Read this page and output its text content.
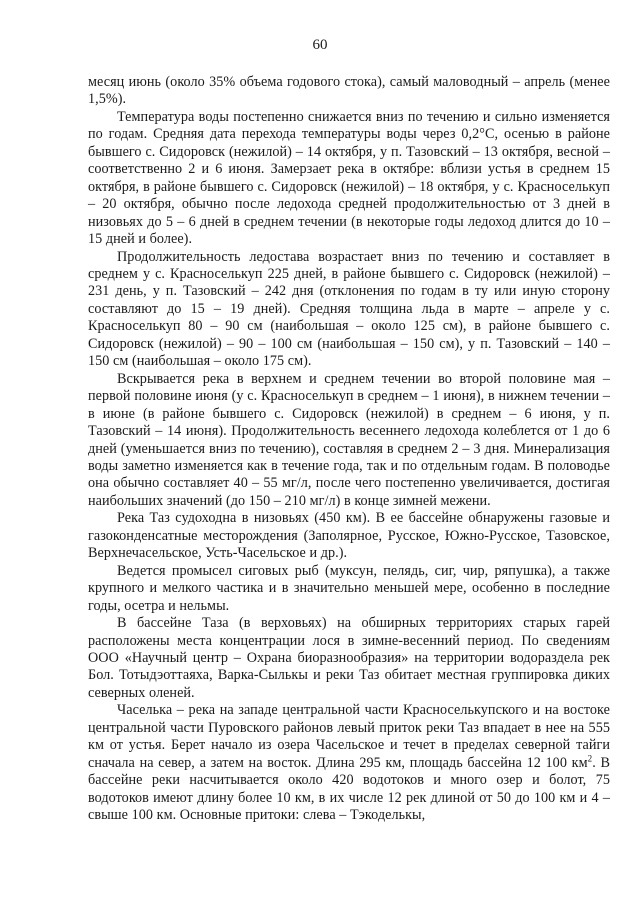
60

месяц июнь (около 35% объема годового стока), самый маловодный – апрель (менее 1,5%).

Температура воды постепенно снижается вниз по течению и сильно изменяется по годам. Средняя дата перехода температуры воды через 0,2°С, осенью в районе бывшего с. Сидоровск (нежилой) – 14 октября, у п. Тазовский – 13 октября, весной – соответственно 2 и 6 июня. Замерзает река в октябре: вблизи устья в среднем 15 октября, в районе бывшего с. Сидоровск (нежилой) – 18 октября, у с. Красноселькуп – 20 октября, обычно после ледохода средней продолжительностью от 3 дней в низовьях до 5 – 6 дней в среднем течении (в некоторые годы ледоход длится до 10 – 15 дней и более).

Продолжительность ледостава возрастает вниз по течению и составляет в среднем у с. Красноселькуп 225 дней, в районе бывшего с. Сидоровск (нежилой) – 231 день, у п. Тазовский – 242 дня (отклонения по годам в ту или иную сторону составляют до 15 – 19 дней). Средняя толщина льда в марте – апреле у с. Красноселькуп 80 – 90 см (наибольшая – около 125 см), в районе бывшего с. Сидоровск (нежилой) – 90 – 100 см (наибольшая – 150 см), у п. Тазовский – 140 – 150 см (наибольшая – около 175 см).

Вскрывается река в верхнем и среднем течении во второй половине мая – первой половине июня (у с. Красноселькуп в среднем – 1 июня), в нижнем течении – в июне (в районе бывшего с. Сидоровск (нежилой) в среднем – 6 июня, у п. Тазовский – 14 июня). Продолжительность весеннего ледохода колеблется от 1 до 6 дней (уменьшается вниз по течению), составляя в среднем 2 – 3 дня. Минерализация воды заметно изменяется как в течение года, так и по отдельным годам. В половодье она обычно составляет 40 – 55 мг/л, после чего постепенно увеличивается, достигая наибольших значений (до 150 – 210 мг/л) в конце зимней межени.

Река Таз судоходна в низовьях (450 км). В ее бассейне обнаружены газовые и газоконденсатные месторождения (Заполярное, Русское, Южно-Русское, Тазовское, Верхнечасельское, Усть-Часельское и др.).

Ведется промысел сиговых рыб (муксун, пелядь, сиг, чир, ряпушка), а также крупного и мелкого частика и в значительно меньшей мере, особенно в последние годы, осетра и нельмы.

В бассейне Таза (в верховьях) на обширных территориях старых гарей расположены места концентрации лося в зимне-весенний период. По сведениям ООО «Научный центр – Охрана биоразнообразия» на территории водораздела рек Бол. Тотыдэоттаяха, Варка-Сылькы и реки Таз обитает местная группировка диких северных оленей.

Часелька – река на западе центральной части Красноселькупского и на востоке центральной части Пуровского районов левый приток реки Таз впадает в нее на 555 км от устья. Берет начало из озера Часельское и течет в пределах северной тайги сначала на север, а затем на восток. Длина 295 км, площадь бассейна 12 100 $км^2$. В бассейне реки насчитывается около 420 водотоков и много озер и болот, 75 водотоков имеют длину более 10 км, в их числе 12 рек длиной от 50 до 100 км и 4 – свыше 100 км. Основные притоки: слева – Тэкоделькы,
